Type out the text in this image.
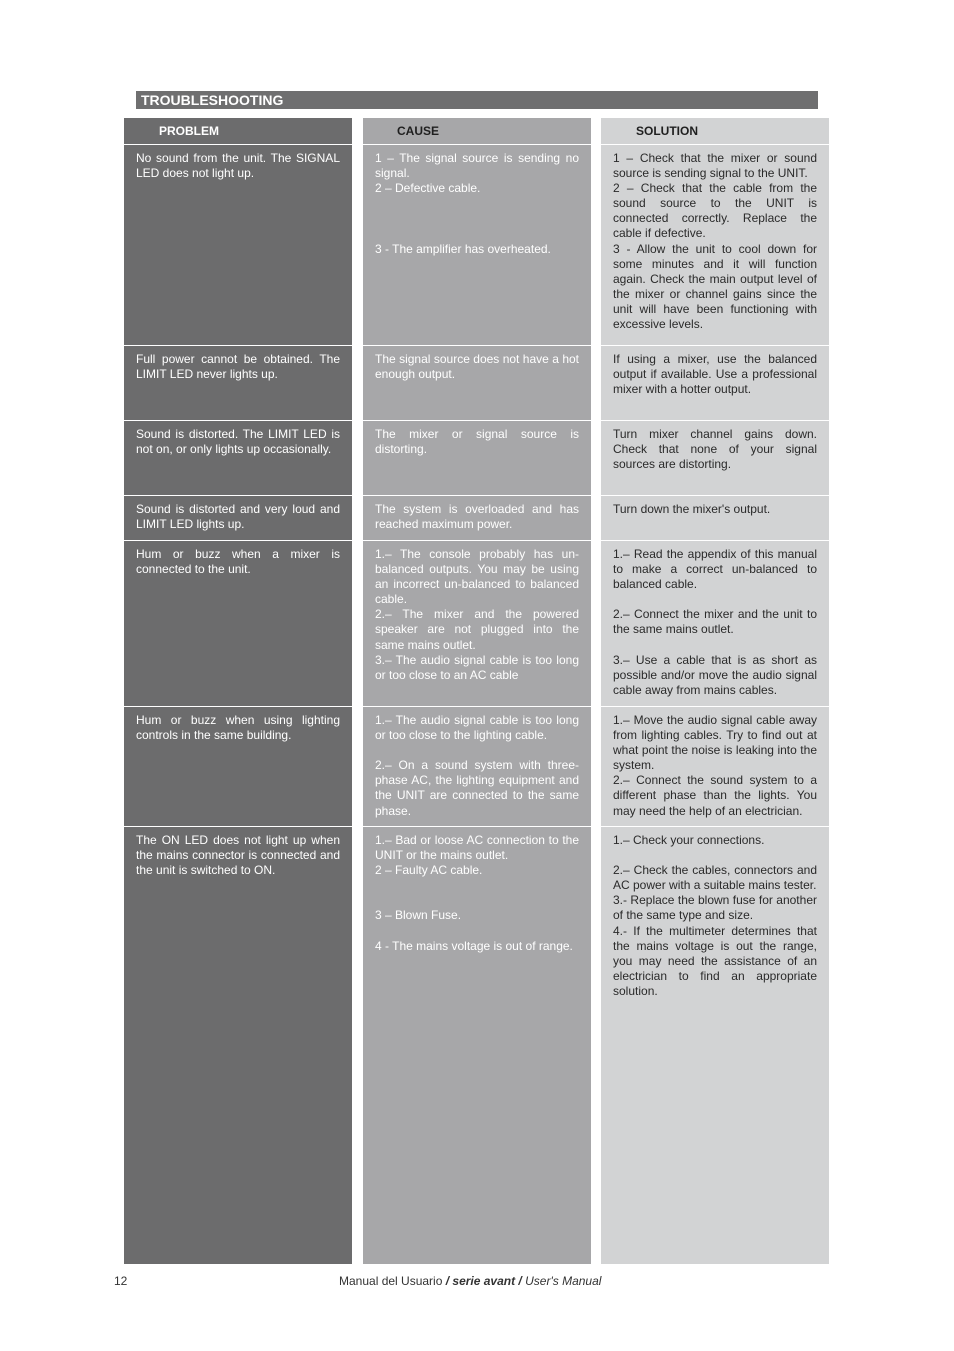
TROUBLESHOOTING
PROBLEM

No sound from the unit. The SIGNAL LED does not light up.

Full power cannot be obtained. The LIMIT LED never lights up.

Sound is distorted. The LIMIT LED is not on, or only lights up occasionally.

Sound is distorted and very loud and LIMIT LED lights up.

Hum or buzz when a mixer is connected to the unit.

Hum or buzz when using lighting controls in the same building.

The ON LED does not light up when the mains connector is connected and the unit is switched to ON.

CAUSE

1 – The signal source is sending no signal.
2 – Defective cable.

3 - The amplifier has overheated.

The signal source does not have a hot enough output.

The mixer or signal source is distorting.

The system is overloaded and has reached maximum power.

1.– The console probably has un-balanced outputs. You may be using an incorrect un-balanced to balanced cable.
2.– The mixer and the powered speaker are not plugged into the same mains outlet.
3.– The audio signal cable is too long or too close to an AC cable

1.– The audio signal cable is too long or too close to the lighting cable.

2.– On a sound system with three-phase AC, the lighting equipment and the UNIT are connected to the same phase.

1.– Bad or loose AC connection to the UNIT or the mains outlet.
2 – Faulty AC cable.

3 – Blown Fuse.

4 - The mains voltage is out of range.

SOLUTION

1 – Check that the mixer or sound source is sending signal to the UNIT.
2 – Check that the cable from the sound source to the UNIT is connected correctly. Replace the cable if defective.
3 - Allow the unit to cool down for some minutes and it will function again. Check the main output level of the mixer or channel gains since the unit will have been functioning with excessive levels.

If using a mixer, use the balanced output if available. Use a professional mixer with a hotter output.

Turn mixer channel gains down. Check that none of your signal sources are distorting.

Turn down the mixer's output.

1.– Read the appendix of this manual to make a correct un-balanced to balanced cable.

2.– Connect the mixer and the unit to the same mains outlet.

3.– Use a cable that is as short as possible and/or move the audio signal cable away from mains cables.

1.– Move the audio signal cable away from lighting cables. Try to find out at what point the noise is leaking into the system.
2.– Connect the sound system to a different phase than the lights. You may need the help of an electrician.

1.– Check your connections.

2.– Check the cables, connectors and AC power with a suitable mains tester.
3.- Replace the blown fuse for another of the same type and size.
4.- If the multimeter determines that the mains voltage is out the range, you may need the assistance of an electrician to find an appropriate solution.

12	Manual del Usuario / serie avant / User's Manual
